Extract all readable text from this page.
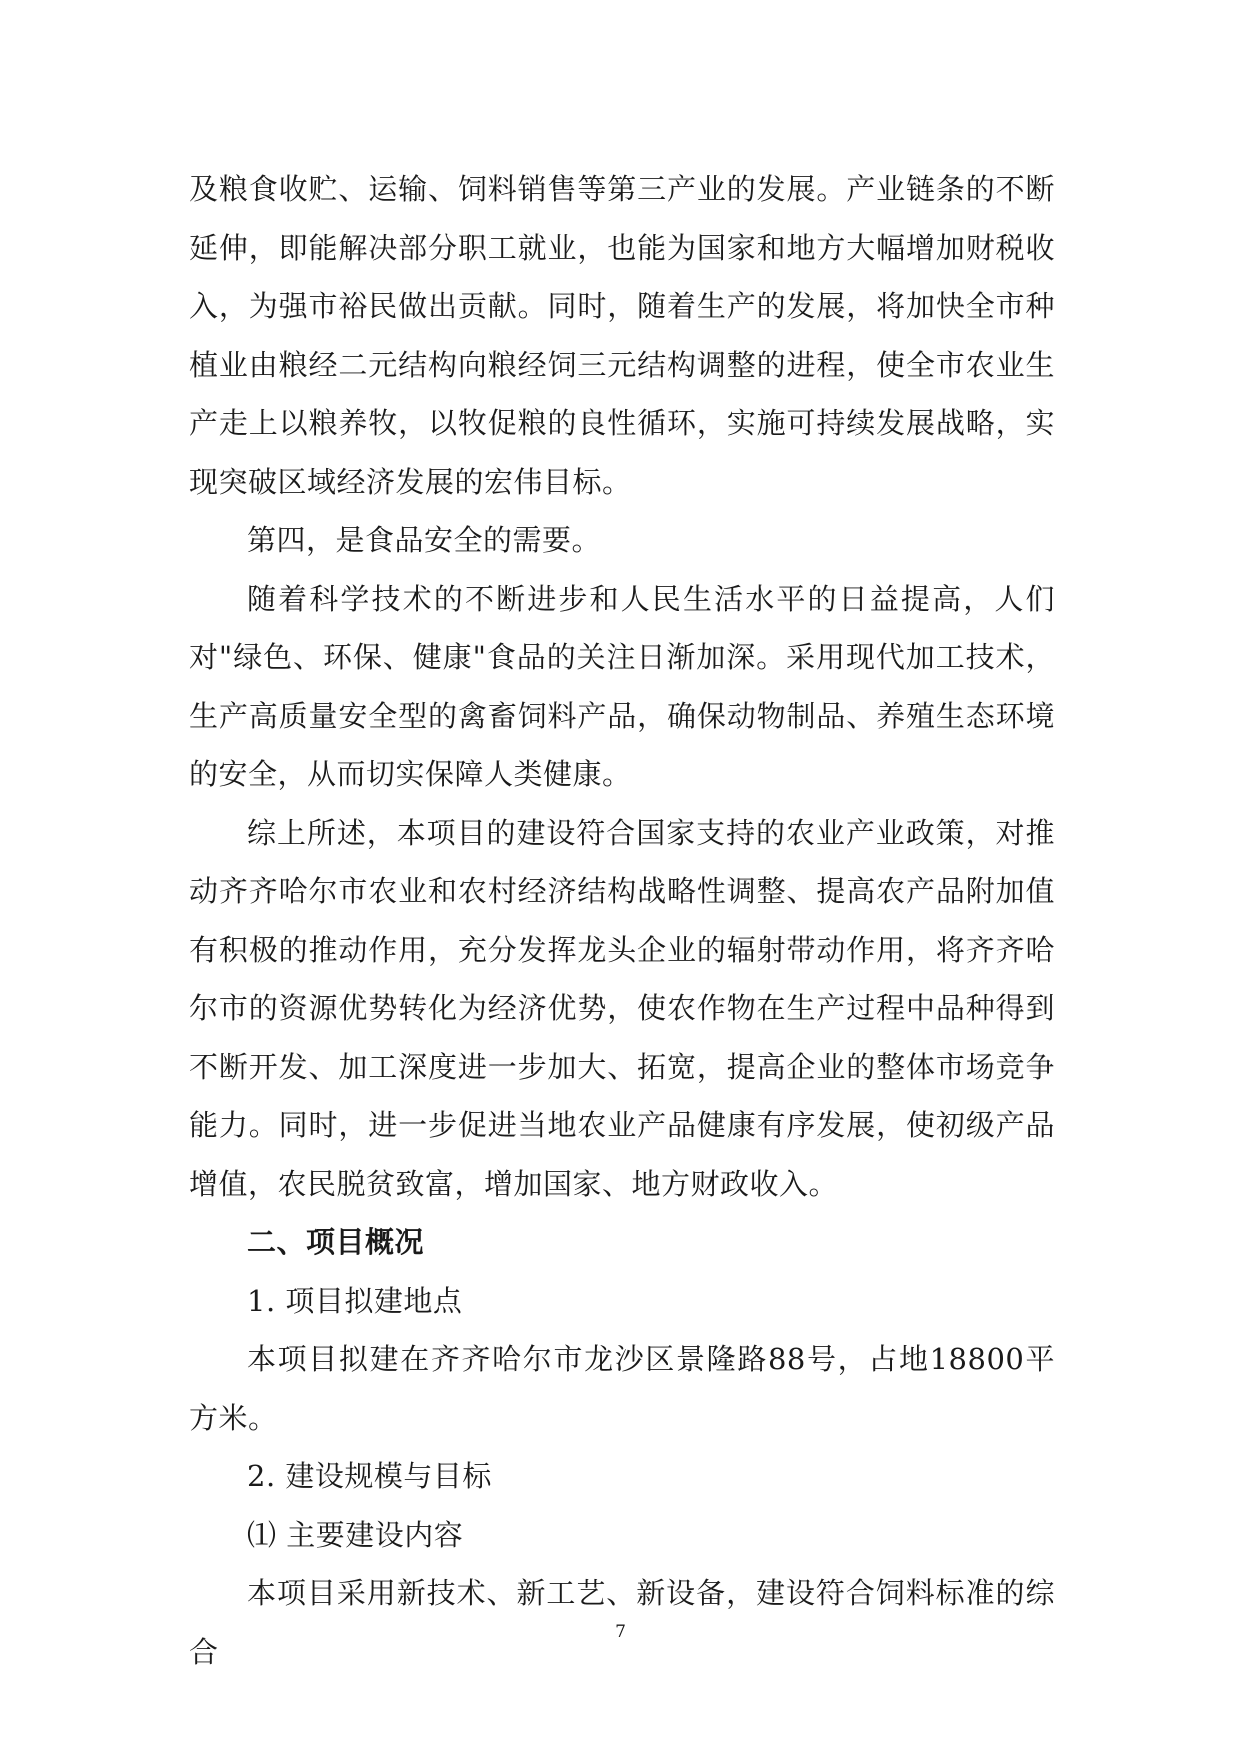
及粮食收贮、运输、饲料销售等第三产业的发展。产业链条的不断延伸，即能解决部分职工就业，也能为国家和地方大幅增加财税收入，为强市裕民做出贡献。同时，随着生产的发展，将加快全市种植业由粮经二元结构向粮经饲三元结构调整的进程，使全市农业生产走上以粮养牧，以牧促粮的良性循环，实施可持续发展战略，实现突破区域经济发展的宏伟目标。

第四，是食品安全的需要。

随着科学技术的不断进步和人民生活水平的日益提高，人们对"绿色、环保、健康"食品的关注日渐加深。采用现代加工技术，生产高质量安全型的禽畜饲料产品，确保动物制品、养殖生态环境的安全，从而切实保障人类健康。

综上所述，本项目的建设符合国家支持的农业产业政策，对推动齐齐哈尔市农业和农村经济结构战略性调整、提高农产品附加值有积极的推动作用，充分发挥龙头企业的辐射带动作用，将齐齐哈尔市的资源优势转化为经济优势，使农作物在生产过程中品种得到不断开发、加工深度进一步加大、拓宽，提高企业的整体市场竞争能力。同时，进一步促进当地农业产品健康有序发展，使初级产品增值，农民脱贫致富，增加国家、地方财政收入。

二、项目概况

1. 项目拟建地点

本项目拟建在齐齐哈尔市龙沙区景隆路88号，占地18800平方米。

2. 建设规模与目标

⑴ 主要建设内容

本项目采用新技术、新工艺、新设备，建设符合饲料标准的综合

7
